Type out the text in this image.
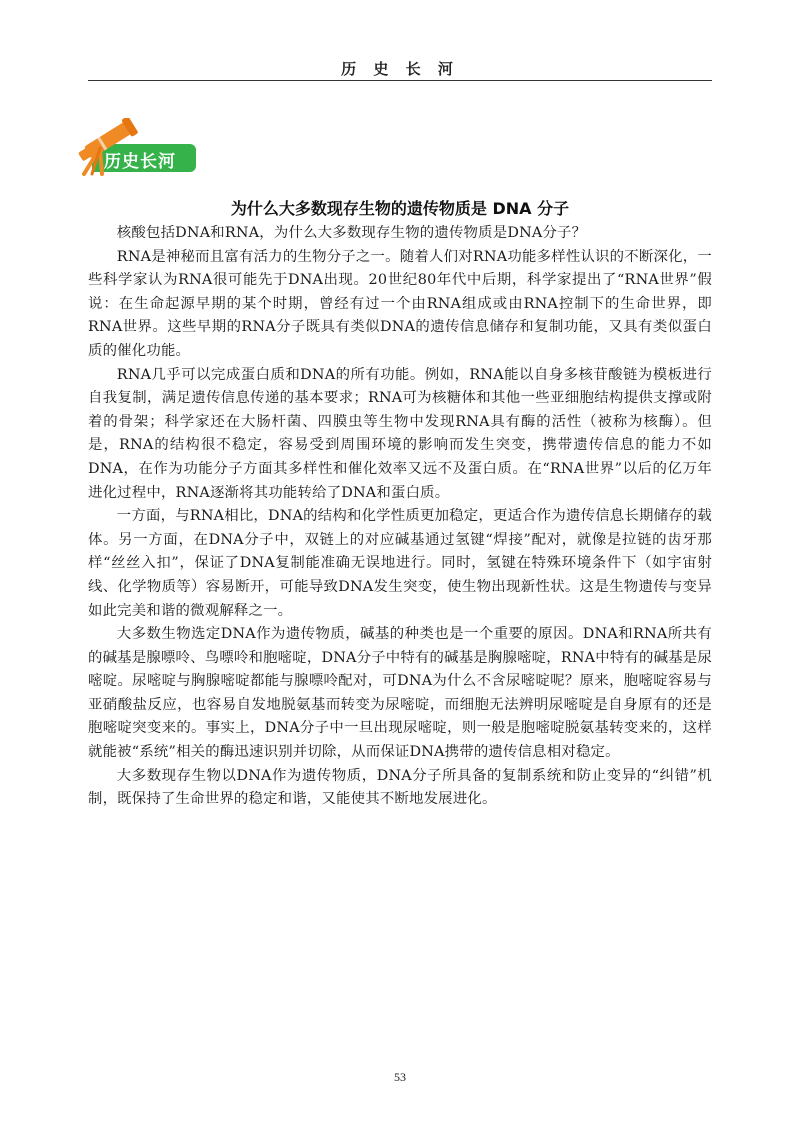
历 史 长 河
历史长河
为什么大多数现存生物的遗传物质是 DNA 分子

核酸包括DNA和RNA，为什么大多数现存生物的遗传物质是DNA分子？

RNA是神秘而且富有活力的生物分子之一。随着人们对RNA功能多样性认识的不断深化，一些科学家认为RNA很可能先于DNA出现。20世纪80年代中后期，科学家提出了“RNA世界”假说：在生命起源早期的某个时期，曾经有过一个由RNA组成或由RNA控制下的生命世界，即RNA世界。这些早期的RNA分子既具有类似DNA的遗传信息储存和复制功能，又具有类似蛋白质的催化功能。

RNA几乎可以完成蛋白质和DNA的所有功能。例如，RNA能以自身多核苷酸链为模板进行自我复制，满足遗传信息传递的基本要求；RNA可为核糖体和其他一些亚细胞结构提供支撑或附着的骨架；科学家还在大肠杆菌、四膜虫等生物中发现RNA具有酶的活性（被称为核酶）。但是，RNA的结构很不稳定，容易受到周围环境的影响而发生突变，携带遗传信息的能力不如DNA，在作为功能分子方面其多样性和催化效率又远不及蛋白质。在“RNA世界”以后的亿万年进化过程中，RNA逐渐将其功能转给了DNA和蛋白质。

一方面，与RNA相比，DNA的结构和化学性质更加稳定，更适合作为遗传信息长期储存的载体。另一方面，在DNA分子中，双链上的对应碱基通过氢键“焊接”配对，就像是拉链的齿牙那样“丝丝入扣”，保证了DNA复制能准确无误地进行。同时，氢键在特殊环境条件下（如宇宙射线、化学物质等）容易断开，可能导致DNA发生突变，使生物出现新性状。这是生物遗传与变异如此完美和谐的微观解释之一。

大多数生物选定DNA作为遗传物质，碱基的种类也是一个重要的原因。DNA和RNA所共有的碱基是腺嘌呤、鸟嘌呤和胞嘧啶，DNA分子中特有的碱基是胸腺嘧啶，RNA中特有的碱基是尿嘧啶。尿嘧啶与胸腺嘧啶都能与腺嘌呤配对，可DNA为什么不含尿嘧啶呢？原来，胞嘧啶容易与亚硝酸盐反应，也容易自发地脱氨基而转变为尿嘧啶，而细胞无法辨明尿嘧啶是自身原有的还是胞嘧啶突变来的。事实上，DNA分子中一旦出现尿嘧啶，则一般是胞嘧啶脱氨基转变来的，这样就能被“系统”相关的酶迅速识别并切除，从而保证DNA携带的遗传信息相对稳定。

大多数现存生物以DNA作为遗传物质，DNA分子所具备的复制系统和防止变异的“纠错”机制，既保持了生命世界的稳定和谐，又能使其不断地发展进化。

53
